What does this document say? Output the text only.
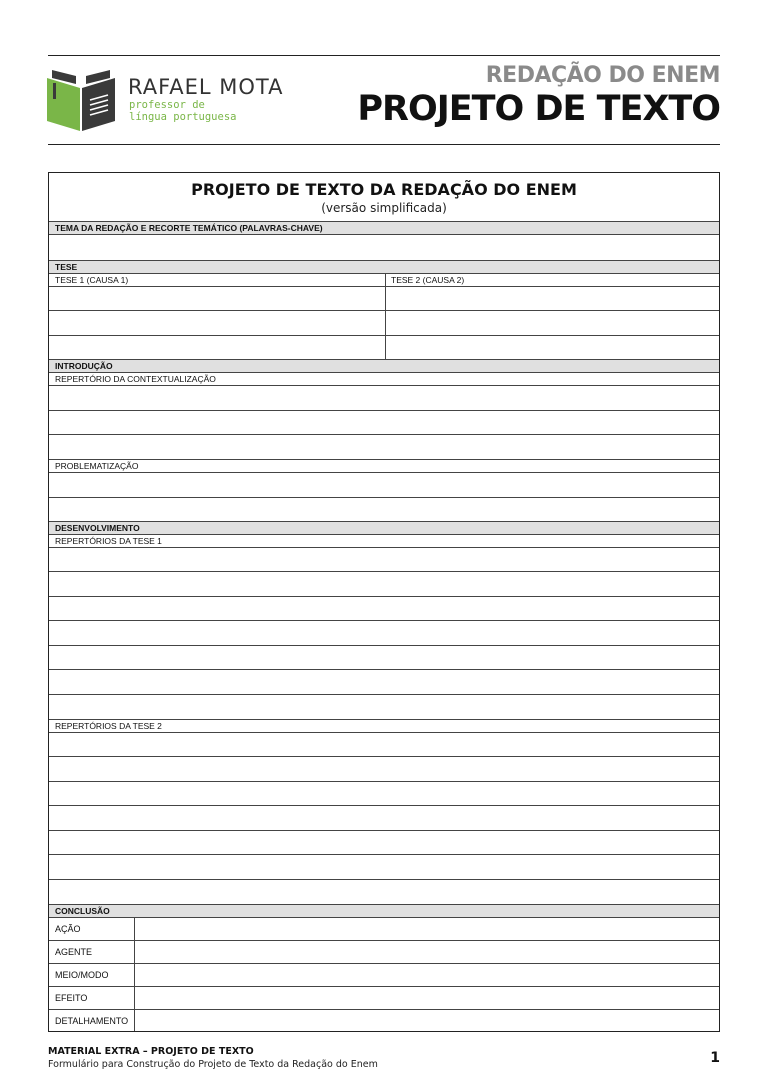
RAFAEL MOTA
professor de
língua portuguesa
REDAÇÃO DO ENEM
PROJETO DE TEXTO
PROJETO DE TEXTO DA REDAÇÃO DO ENEM
(versão simplificada)
TEMA DA REDAÇÃO E RECORTE TEMÁTICO (PALAVRAS-CHAVE)
TESE
TESE 1 (CAUSA 1)	TESE 2 (CAUSA 2)
INTRODUÇÃO
REPERTÓRIO DA CONTEXTUALIZAÇÃO
PROBLEMATIZAÇÃO
DESENVOLVIMENTO
REPERTÓRIOS DA TESE 1
REPERTÓRIOS DA TESE 2
CONCLUSÃO
AÇÃO
AGENTE
MEIO/MODO
EFEITO
DETALHAMENTO
MATERIAL EXTRA – PROJETO DE TEXTO
Formulário para Construção do Projeto de Texto da Redação do Enem	1
